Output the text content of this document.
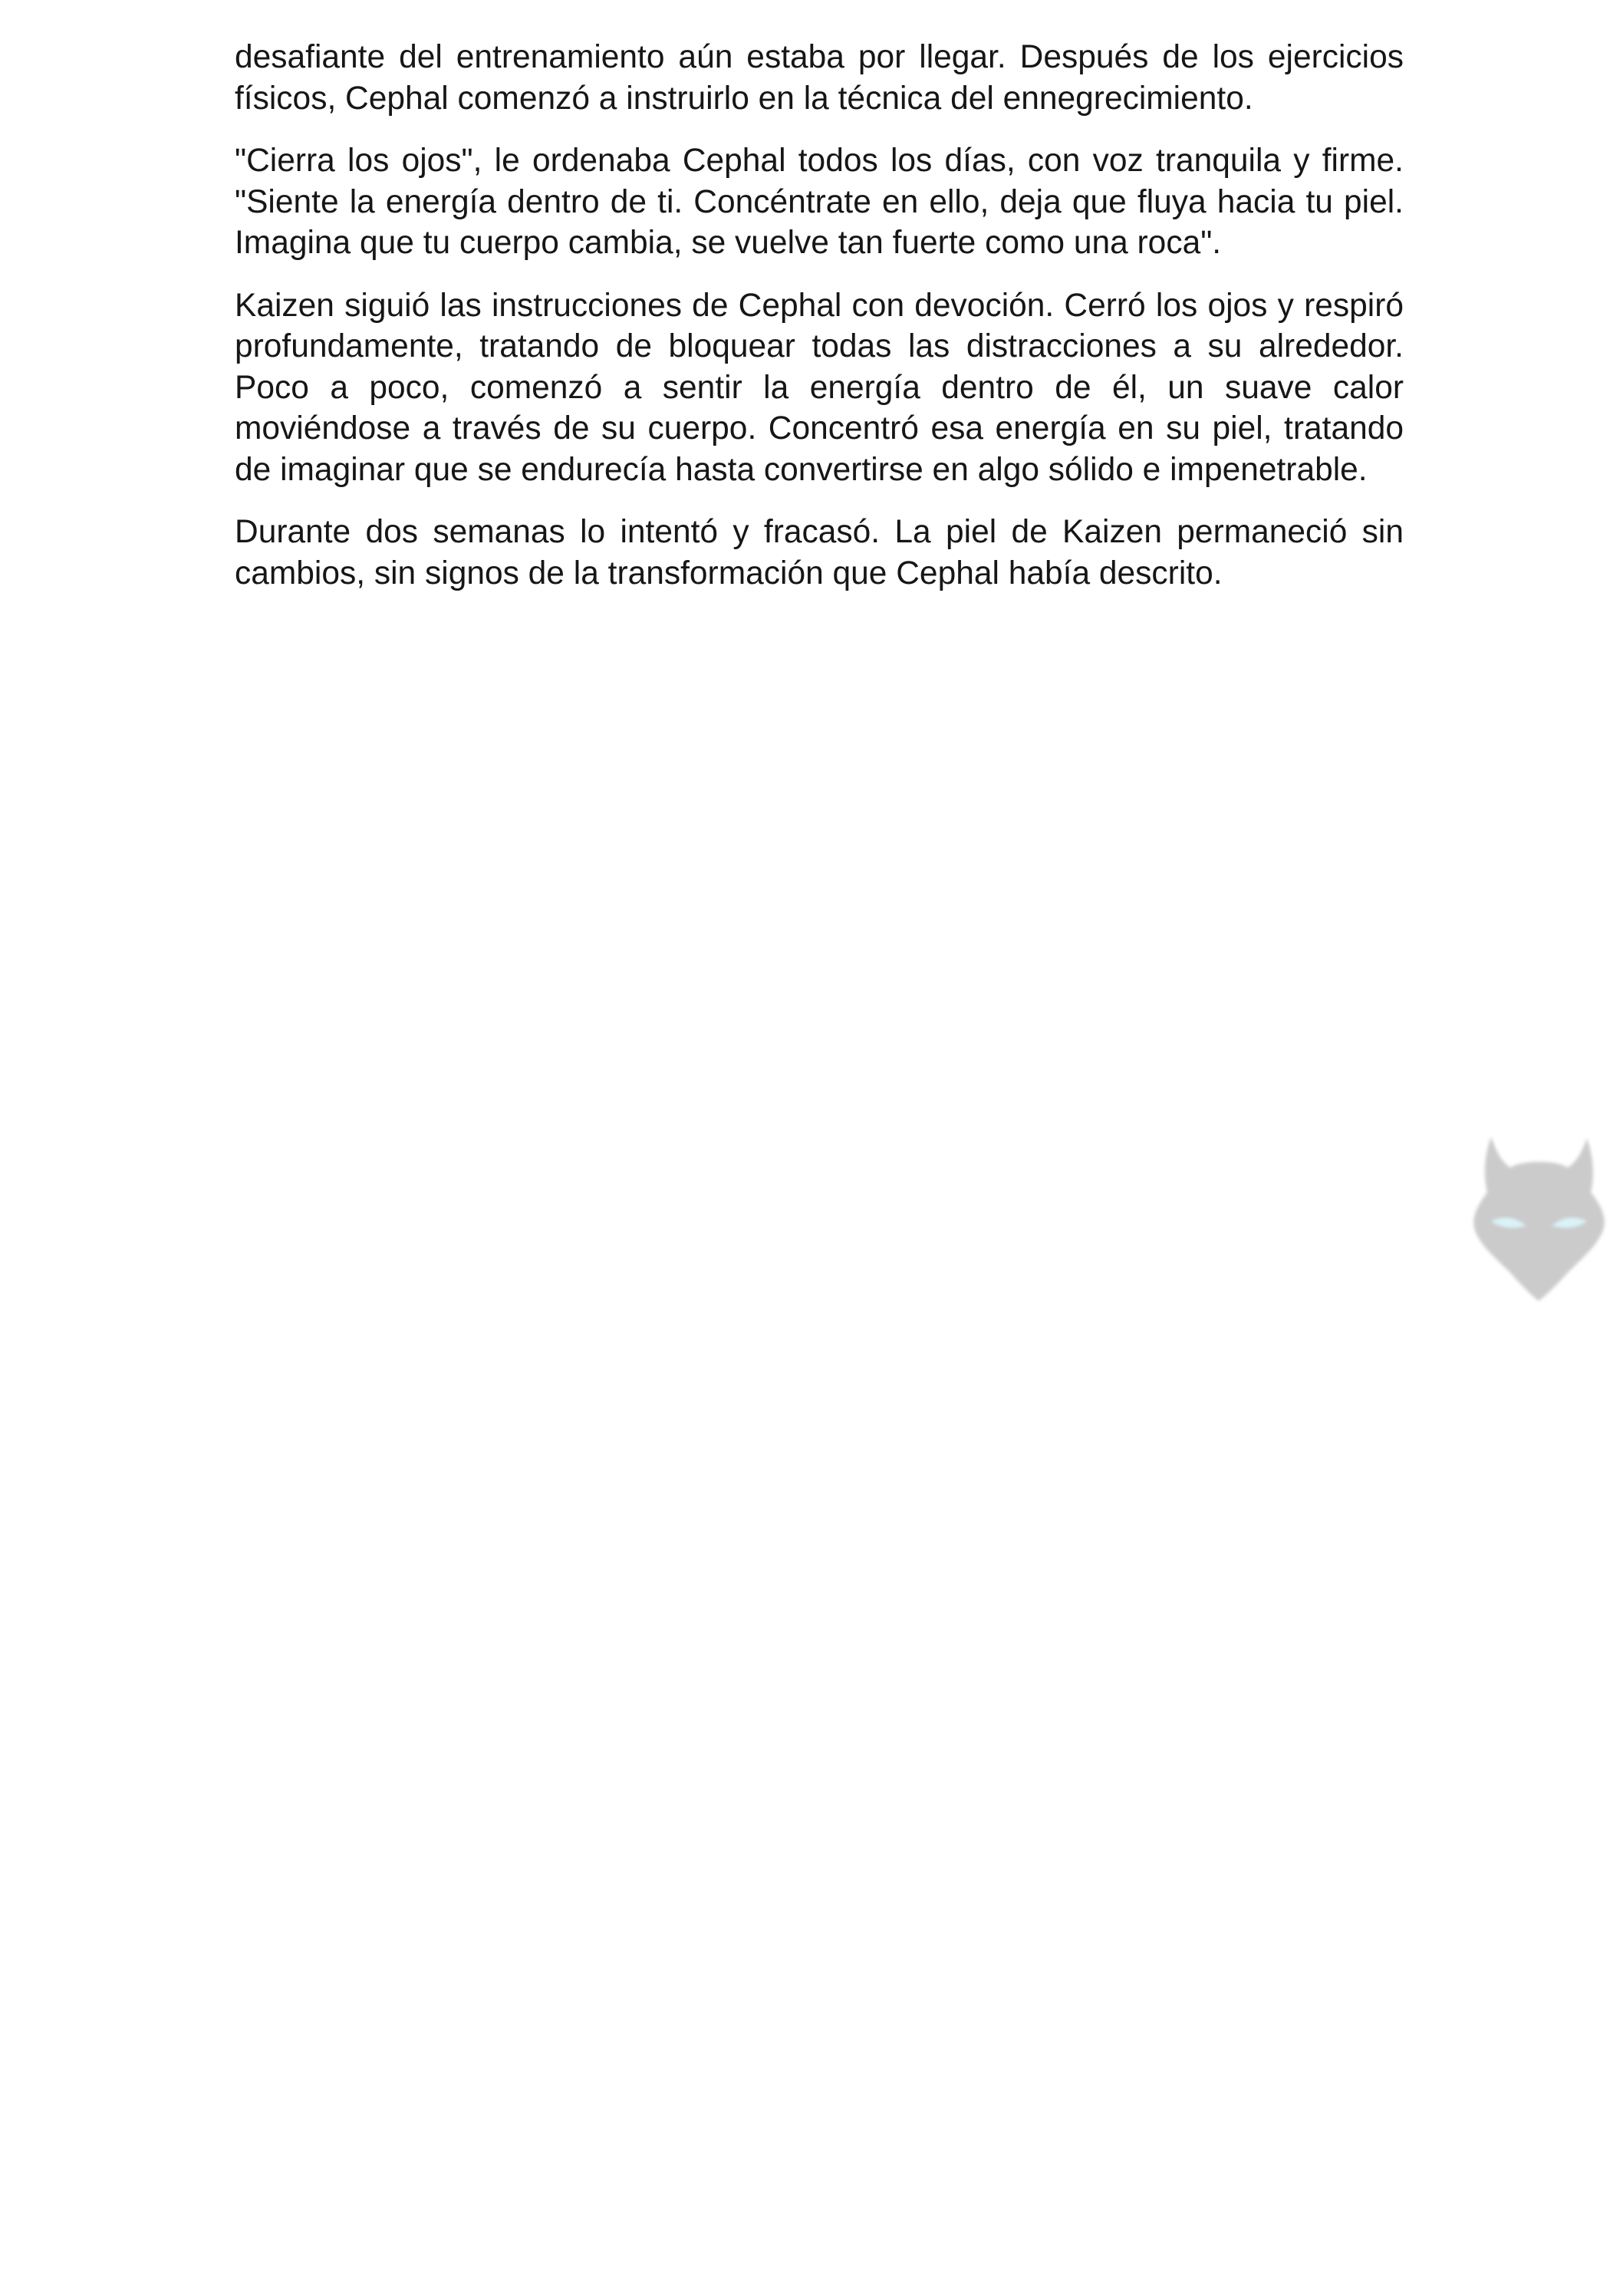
desafiante del entrenamiento aún estaba por llegar. Después de los ejercicios físicos, Cephal comenzó a instruirlo en la técnica del ennegrecimiento.

"Cierra los ojos", le ordenaba Cephal todos los días, con voz tranquila y firme. "Siente la energía dentro de ti. Concéntrate en ello, deja que fluya hacia tu piel. Imagina que tu cuerpo cambia, se vuelve tan fuerte como una roca".

Kaizen siguió las instrucciones de Cephal con devoción. Cerró los ojos y respiró profundamente, tratando de bloquear todas las distracciones a su alrededor. Poco a poco, comenzó a sentir la energía dentro de él, un suave calor moviéndose a través de su cuerpo. Concentró esa energía en su piel, tratando de imaginar que se endurecía hasta convertirse en algo sólido e impenetrable.

Durante dos semanas lo intentó y fracasó. La piel de Kaizen permaneció sin cambios, sin signos de la transformación que Cephal había descrito.
